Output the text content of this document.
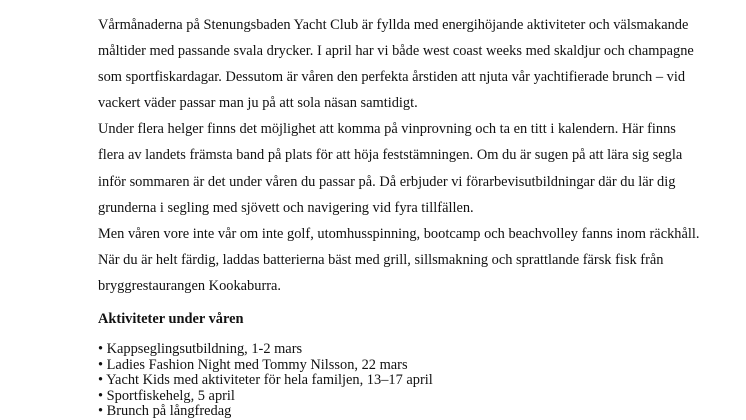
Vårmånaderna på Stenungsbaden Yacht Club är fyllda med energihöjande aktiviteter och välsmakande
måltider med passande svala drycker. I april har vi både west coast weeks med skaldjur och champagne
som sportfiskardagar. Dessutom är våren den perfekta årstiden att njuta vår yachtifierade brunch – vid
vackert väder passar man ju på att sola näsan samtidigt.
Under flera helger finns det möjlighet att komma på vinprovning och ta en titt i kalendern. Här finns
flera av landets främsta band på plats för att höja feststämningen. Om du är sugen på att lära sig segla
inför sommaren är det under våren du passar på. Då erbjuder vi förarbevisutbildningar där du lär dig
grunderna i segling med sjövett och navigering vid fyra tillfällen.
Men våren vore inte vår om inte golf, utomhusspinning, bootcamp och beachvolley fanns inom räckhåll.
När du är helt färdig, laddas batterierna bäst med grill, sillsmakning och sprattlande färsk fisk från
bryggrestaurangen Kookaburra.
Aktiviteter under våren
• Kappseglingsutbildning, 1-2 mars
• Ladies Fashion Night med Tommy Nilsson, 22 mars
• Yacht Kids med aktiviteter för hela familjen, 13–17 april
• Sportfiskehelg, 5 april
• Brunch på långfredag
